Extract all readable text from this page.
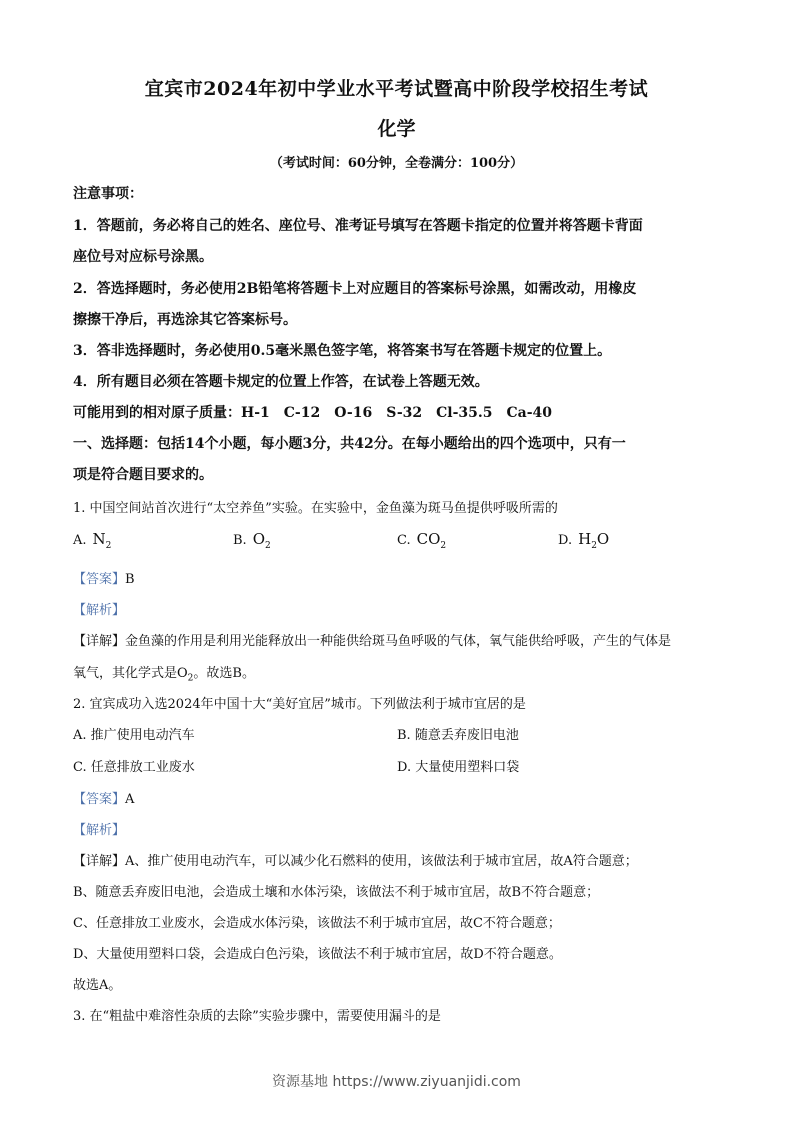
宜宾市2024年初中学业水平考试暨高中阶段学校招生考试
化学
（考试时间：60分钟，全卷满分：100分）
注意事项：
1．答题前，务必将自己的姓名、座位号、准考证号填写在答题卡指定的位置并将答题卡背面
座位号对应标号涂黑。
2．答选择题时，务必使用2B铅笔将答题卡上对应题目的答案标号涂黑，如需改动，用橡皮
擦擦干净后，再选涂其它答案标号。
3．答非选择题时，务必使用0.5毫米黑色签字笔，将答案书写在答题卡规定的位置上。
4．所有题目必须在答题卡规定的位置上作答，在试卷上答题无效。
可能用到的相对原子质量：H-1　C-12　O-16　S-32　Cl-35.5　Ca-40
一、选择题：包括14个小题，每小题3分，共42分。在每小题给出的四个选项中，只有一
项是符合题目要求的。
1. 中国空间站首次进行“太空养鱼”实验。在实验中，金鱼藻为斑马鱼提供呼吸所需的
A. $N_2$	B. $O_2$	C. $CO_2$	D. $H_2O$
【答案】B
【解析】
【详解】金鱼藻的作用是利用光能释放出一种能供给斑马鱼呼吸的气体，氧气能供给呼吸，产生的气体是
氧气，其化学式是$O_2$。故选B。
2. 宜宾成功入选2024年中国十大“美好宜居”城市。下列做法利于城市宜居的是
A. 推广使用电动汽车	B. 随意丢弃废旧电池
C. 任意排放工业废水	D. 大量使用塑料口袋
【答案】A
【解析】
【详解】A、推广使用电动汽车，可以减少化石燃料的使用，该做法利于城市宜居，故A符合题意；
B、随意丢弃废旧电池，会造成土壤和水体污染，该做法不利于城市宜居，故B不符合题意；
C、任意排放工业废水，会造成水体污染，该做法不利于城市宜居，故C不符合题意；
D、大量使用塑料口袋，会造成白色污染，该做法不利于城市宜居，故D不符合题意。
故选A。
3. 在“粗盐中难溶性杂质的去除”实验步骤中，需要使用漏斗的是
资源基地 https://www.ziyuanjidi.com
